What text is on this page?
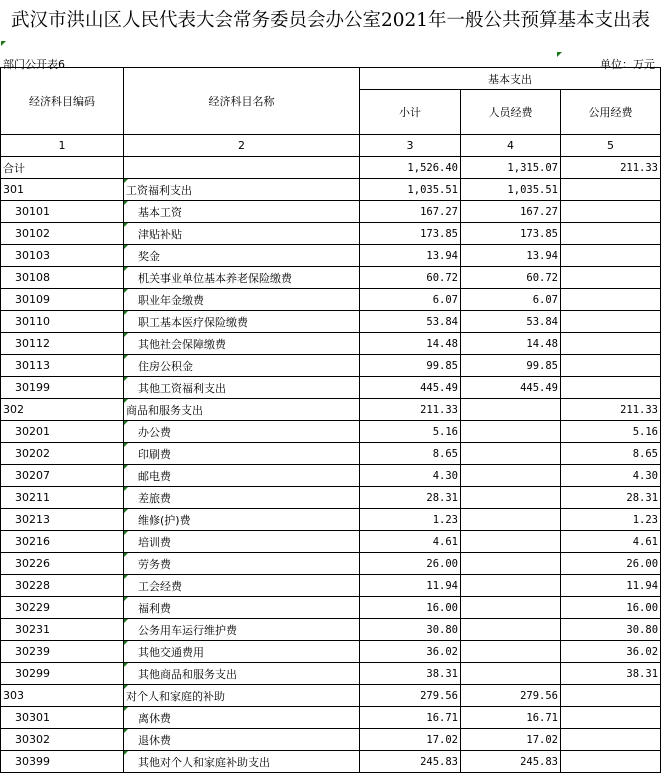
武汉市洪山区人民代表大会常务委员会办公室2021年一般公共预算基本支出表
部门公开表6	单位：万元
经济科目编码	经济科目名称	基本支出		
		小计	人员经费	公用经费
1	2	3	4	5
合计		1,526.40	1,315.07	211.33
301	工资福利支出	1,035.51	1,035.51	
30101	基本工资	167.27	167.27	
30102	津贴补贴	173.85	173.85	
30103	奖金	13.94	13.94	
30108	机关事业单位基本养老保险缴费	60.72	60.72	
30109	职业年金缴费	6.07	6.07	
30110	职工基本医疗保险缴费	53.84	53.84	
30112	其他社会保障缴费	14.48	14.48	
30113	住房公积金	99.85	99.85	
30199	其他工资福利支出	445.49	445.49	
302	商品和服务支出	211.33		211.33
30201	办公费	5.16		5.16
30202	印刷费	8.65		8.65
30207	邮电费	4.30		4.30
30211	差旅费	28.31		28.31
30213	维修(护)费	1.23		1.23
30216	培训费	4.61		4.61
30226	劳务费	26.00		26.00
30228	工会经费	11.94		11.94
30229	福利费	16.00		16.00
30231	公务用车运行维护费	30.80		30.80
30239	其他交通费用	36.02		36.02
30299	其他商品和服务支出	38.31		38.31
303	对个人和家庭的补助	279.56	279.56	
30301	离休费	16.71	16.71	
30302	退休费	17.02	17.02	
30399	其他对个人和家庭补助支出	245.83	245.83	
